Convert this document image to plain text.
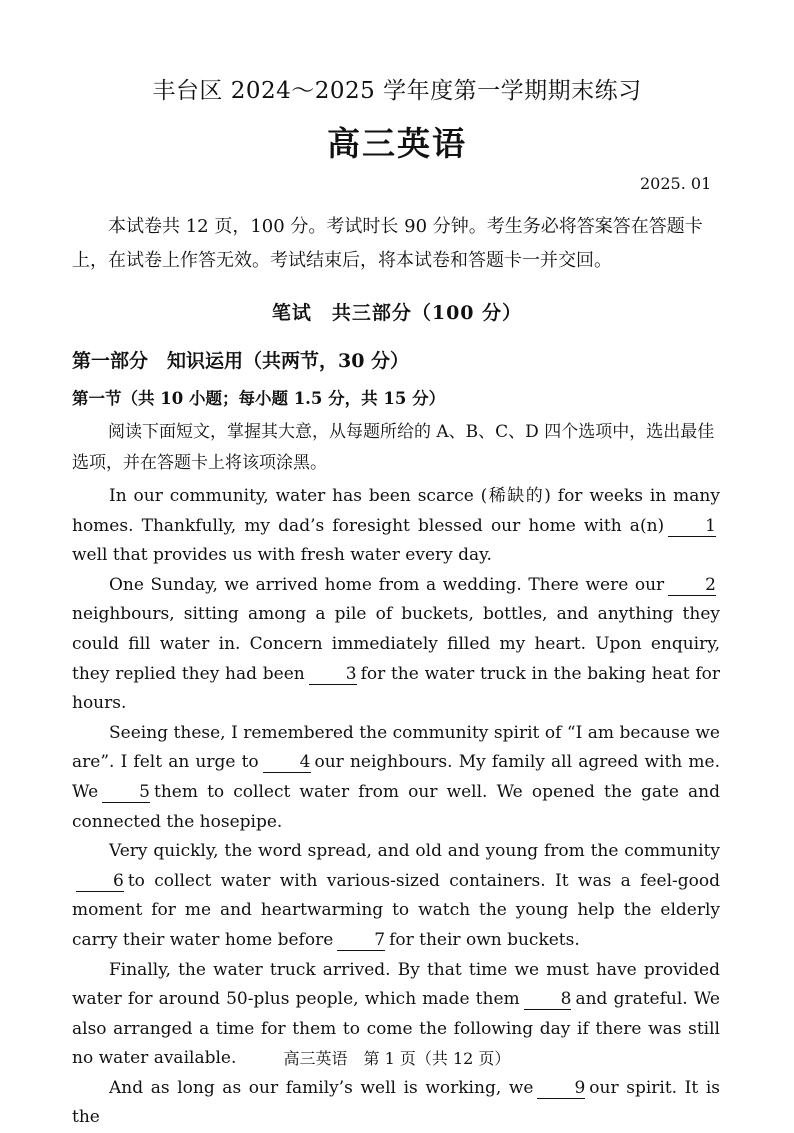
丰台区 2024～2025 学年度第一学期期末练习
高三英语
2025. 01
本试卷共 12 页，100 分。考试时长 90 分钟。考生务必将答案答在答题卡上，在试卷上作答无效。考试结束后，将本试卷和答题卡一并交回。
笔试　共三部分（100 分）
第一部分　知识运用（共两节，30 分）
第一节（共 10 小题；每小题 1.5 分，共 15 分）
阅读下面短文，掌握其大意，从每题所给的 A、B、C、D 四个选项中，选出最佳选项，并在答题卡上将该项涂黑。

In our community, water has been scarce (稀缺的) for weeks in many homes. Thankfully, my dad’s foresight blessed our home with a(n) 1well that provides us with fresh water every day.

One Sunday, we arrived home from a wedding. There were our 2neighbours, sitting among a pile of buckets, bottles, and anything they could fill water in. Concern immediately filled my heart. Upon enquiry, they replied they had been 3 for the water truck in the baking heat for hours.

Seeing these, I remembered the community spirit of “I am because we are”. I felt an urge to 4 our neighbours. My family all agreed with me. We 5 them to collect water from our well. We opened the gate and connected the hosepipe.

Very quickly, the word spread, and old and young from the community6 to collect water with various-sized containers. It was a feel-good moment for me and heartwarming to watch the young help the elderly carry their water home before 7 for their own buckets.

Finally, the water truck arrived. By that time we must have provided water for around 50-plus people, which made them 8 and grateful. We also arranged a time for them to come the following day if there was still no water available.

And as long as our family’s well is working, we 9 our spirit. It is the

高三英语　第 1 页（共 12 页）
